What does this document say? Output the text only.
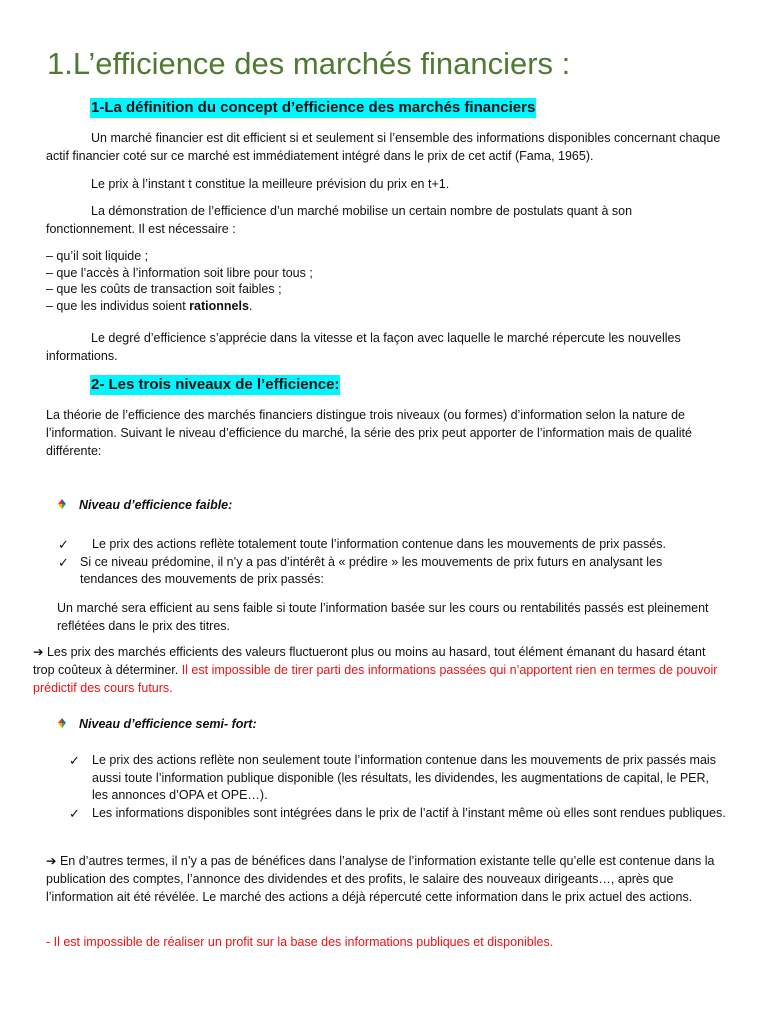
1.L’efficience des marchés financiers :
1-La définition du concept d’efficience des marchés financiers

Un marché financier est dit efficient si et seulement si l’ensemble des informations disponibles concernant chaque actif financier coté sur ce marché est immédiatement intégré dans le prix de cet actif (Fama, 1965).

Le prix à l’instant t constitue la meilleure prévision du prix en t+1.

La démonstration de l’efficience d’un marché mobilise un certain nombre de postulats quant à son fonctionnement. Il est nécessaire :

– qu’il soit liquide ;
– que l’accès à l’information soit libre pour tous ;
– que les coûts de transaction soit faibles ;
– que les individus soient rationnels.

Le degré d’efficience s’apprécie dans la vitesse et la façon avec laquelle le marché répercute les nouvelles informations.

2- Les trois niveaux de l’efficience:

La théorie de l’efficience des marchés financiers distingue trois niveaux (ou formes) d’information selon la nature de l’information. Suivant le niveau d’efficience du marché, la série des prix peut apporter de l’information mais de qualité différente:

Niveau d’efficience faible:

✓ Le prix des actions reflète totalement toute l’information contenue dans les mouvements de prix passés.
✓ Si ce niveau prédomine, il n’y a pas d’intérêt à « prédire » les mouvements de prix futurs en analysant les tendances des mouvements de prix passés:

Un marché sera efficient au sens faible si toute l’information basée sur les cours ou rentabilités passés est pleinement reflétées dans le prix des titres.

➔ Les prix des marchés efficients des valeurs fluctueront plus ou moins au hasard, tout élément émanant du hasard étant trop coûteux à déterminer. Il est impossible de tirer parti des informations passées qui n’apportent rien en termes de pouvoir prédictif des cours futurs.

Niveau d’efficience semi- fort:

✓ Le prix des actions reflète non seulement toute l’information contenue dans les mouvements de prix passés mais aussi toute l’information publique disponible (les résultats, les dividendes, les augmentations de capital, le PER, les annonces d’OPA et OPE…).
✓ Les informations disponibles sont intégrées dans le prix de l’actif à l’instant même où elles sont rendues publiques.

➔ En d’autres termes, il n’y a pas de bénéfices dans l’analyse de l’information existante telle qu’elle est contenue dans la publication des comptes, l’annonce des dividendes et des profits, le salaire des nouveaux dirigeants…, après que l’information ait été révélée. Le marché des actions a déjà répercuté cette information dans le prix actuel des actions.

- Il est impossible de réaliser un profit sur la base des informations publiques et disponibles.
